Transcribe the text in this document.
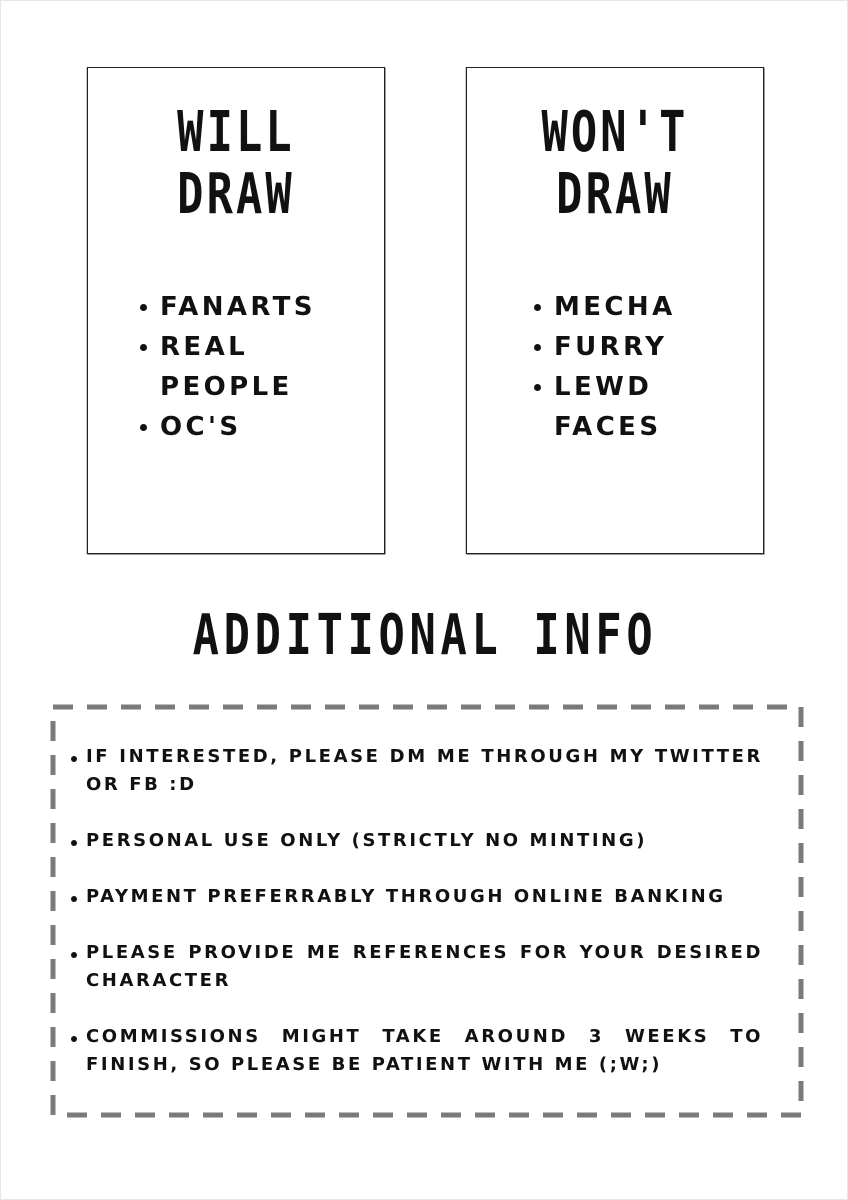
WILL
DRAW
FANARTS
REAL PEOPLE
OC'S
WON'T
DRAW
MECHA
FURRY
LEWD FACES
ADDITIONAL INFO
IF INTERESTED, PLEASE DM ME THROUGH MY TWITTER OR FB :D
PERSONAL USE ONLY (STRICTLY NO MINTING)
PAYMENT PREFERRABLY THROUGH ONLINE BANKING
PLEASE PROVIDE ME REFERENCES FOR YOUR DESIRED CHARACTER
COMMISSIONS MIGHT TAKE AROUND 3 WEEKS TO FINISH, SO PLEASE BE PATIENT WITH ME (;W;)
